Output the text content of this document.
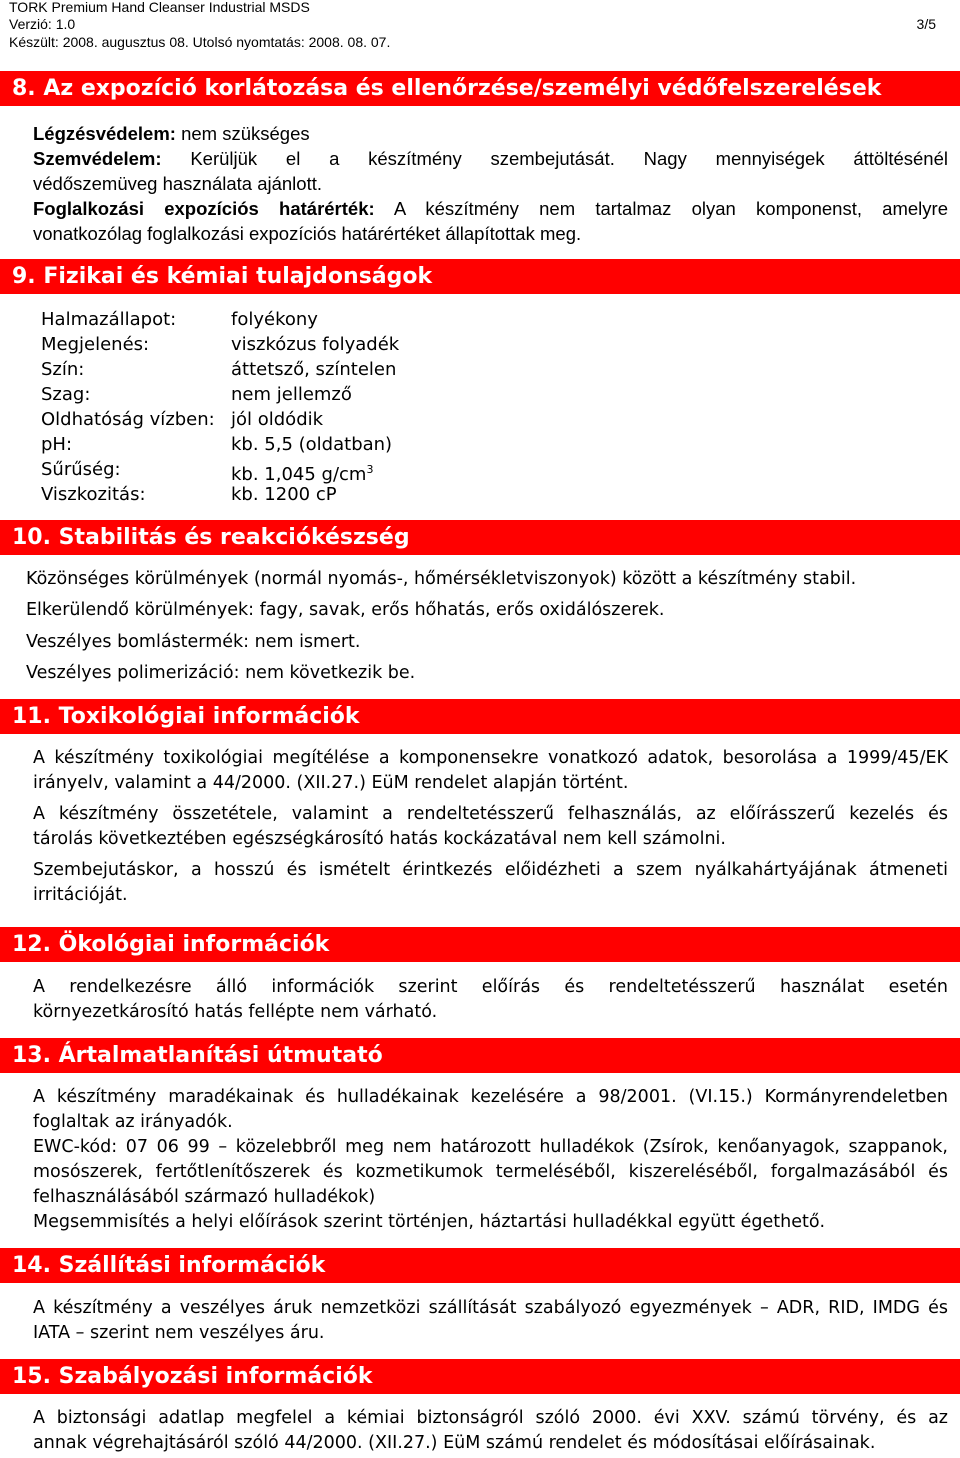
TORK Premium Hand Cleanser Industrial MSDS
Verzió: 1.0	3/5
Készült: 2008. augusztus 08. Utolsó nyomtatás: 2008. 08. 07.
8. Az expozíció korlátozása és ellenőrzése/személyi védőfelszerelések
Légzésvédelem: nem szükséges
Szemvédelem: Kerüljük el a készítmény szembejutását. Nagy mennyiségek áttöltésénél
védőszemüveg használata ajánlott.
Foglalkozási expozíciós határérték: A készítmény nem tartalmaz olyan komponenst, amelyre
vonatkozólag foglalkozási expozíciós határértéket állapítottak meg.
9. Fizikai és kémiai tulajdonságok
Halmazállapot:	folyékony
Megjelenés:	viszkózus folyadék
Szín:	áttetsző, színtelen
Szag:	nem jellemző
Oldhatóság vízben: jól oldódik
pH:	kb. 5,5 (oldatban)
Sűrűség:	kb. 1,045 $g/cm^3$
Viszkozitás:	kb. 1200 cP
10. Stabilitás és reakciókészség
Közönséges körülmények (normál nyomás-, hőmérsékletviszonyok) között a készítmény stabil.
Elkerülendő körülmények: fagy, savak, erős hőhatás, erős oxidálószerek.
Veszélyes bomlástermék: nem ismert.
Veszélyes polimerizáció: nem következik be.
11. Toxikológiai információk
A készítmény toxikológiai megítélése a komponensekre vonatkozó adatok, besorolása a 1999/45/EK
irányelv, valamint a 44/2000. (XII.27.) EüM rendelet alapján történt.
A készítmény összetétele, valamint a rendeltetésszerű felhasználás, az előírásszerű kezelés és
tárolás következtében egészségkárosító hatás kockázatával nem kell számolni.
Szembejutáskor, a hosszú és ismételt érintkezés előidézheti a szem nyálkahártyájának átmeneti
irritációját.
12. Ökológiai információk
A rendelkezésre álló információk szerint előírás és rendeltetésszerű használat esetén
környezetkárosító hatás fellépte nem várható.
13. Ártalmatlanítási útmutató
A készítmény maradékainak és hulladékainak kezelésére a 98/2001. (VI.15.) Kormányrendeletben
foglaltak az irányadók.
EWC-kód: 07 06 99 – közelebbről meg nem határozott hulladékok (Zsírok, kenőanyagok, szappanok,
mosószerek, fertőtlenítőszerek és kozmetikumok termeléséből, kiszereléséből, forgalmazásából és
felhasználásából származó hulladékok)
Megsemmisítés a helyi előírások szerint történjen, háztartási hulladékkal együtt égethető.
14. Szállítási információk
A készítmény a veszélyes áruk nemzetközi szállítását szabályozó egyezmények – ADR, RID, IMDG és
IATA – szerint nem veszélyes áru.
15. Szabályozási információk
A biztonsági adatlap megfelel a kémiai biztonságról szóló 2000. évi XXV. számú törvény, és az
annak végrehajtásáról szóló 44/2000. (XII.27.) EüM számú rendelet és módosításai előírásainak.
